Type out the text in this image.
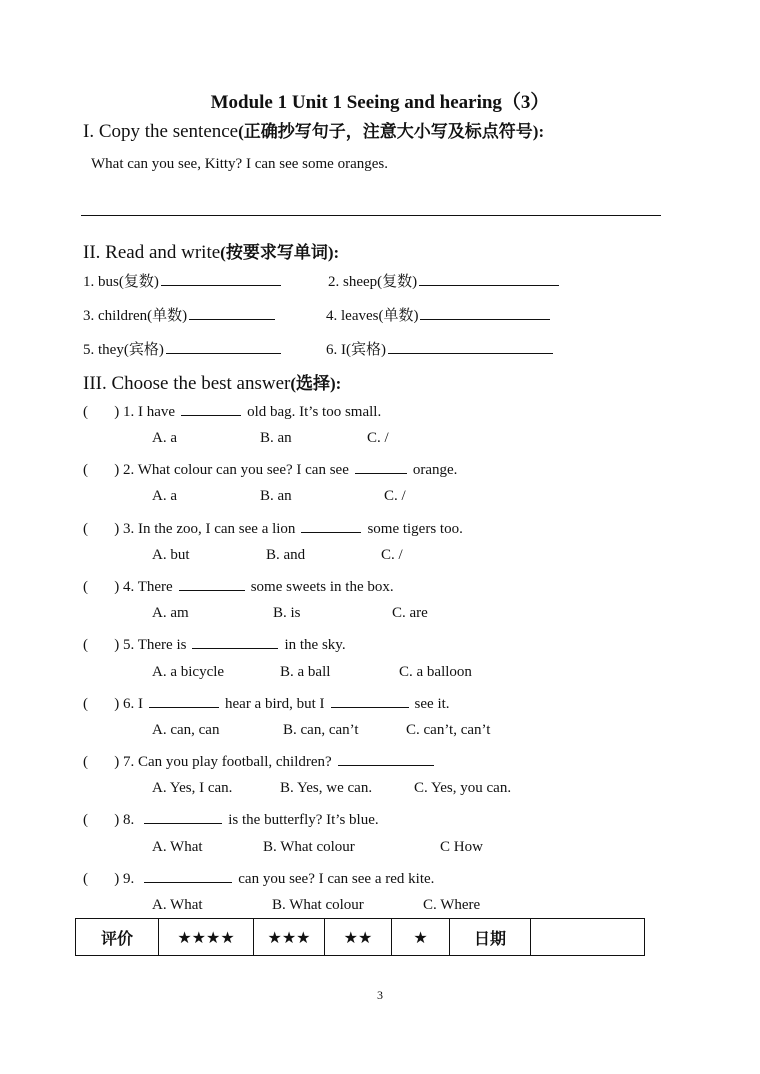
Module 1 Unit 1 Seeing and hearing（3）
I. Copy the sentence(正确抄写句子，注意大小写及标点符号):
What can you see, Kitty? I can see some oranges.
II. Read and write(按要求写单词):
1. bus(复数)	2. sheep(复数)
3. children(单数)	4. leaves(单数)
5. they(宾格)	6. I(宾格)
III. Choose the best answer(选择):
(       ) 1. I have	old bag. It’s too small.
A. a	B. an	C. /
(       ) 2. What colour can you see? I can see	orange.
A. a	B. an	C. /
(       ) 3. In the zoo, I can see a lion	some tigers too.
A. but	B. and	C. /
(       ) 4. There	some sweets in the box.
A. am	B. is	C. are
(       ) 5. There is	in the sky.
A. a bicycle	B. a ball	C. a balloon
(       ) 6. I	hear a bird, but I	see it.
A. can, can	B. can, can’t	C. can’t, can’t
(       ) 7. Can you play football, children?
A. Yes, I can.	B. Yes, we can.	C. Yes, you can.
(       ) 8.	is the butterfly? It’s blue.
A. What	B. What colour	C How
(       ) 9.	can you see? I can see a red kite.
A. What	B. What colour	C. Where
评价	★★★★	★★★	★★	★	日期	
3
